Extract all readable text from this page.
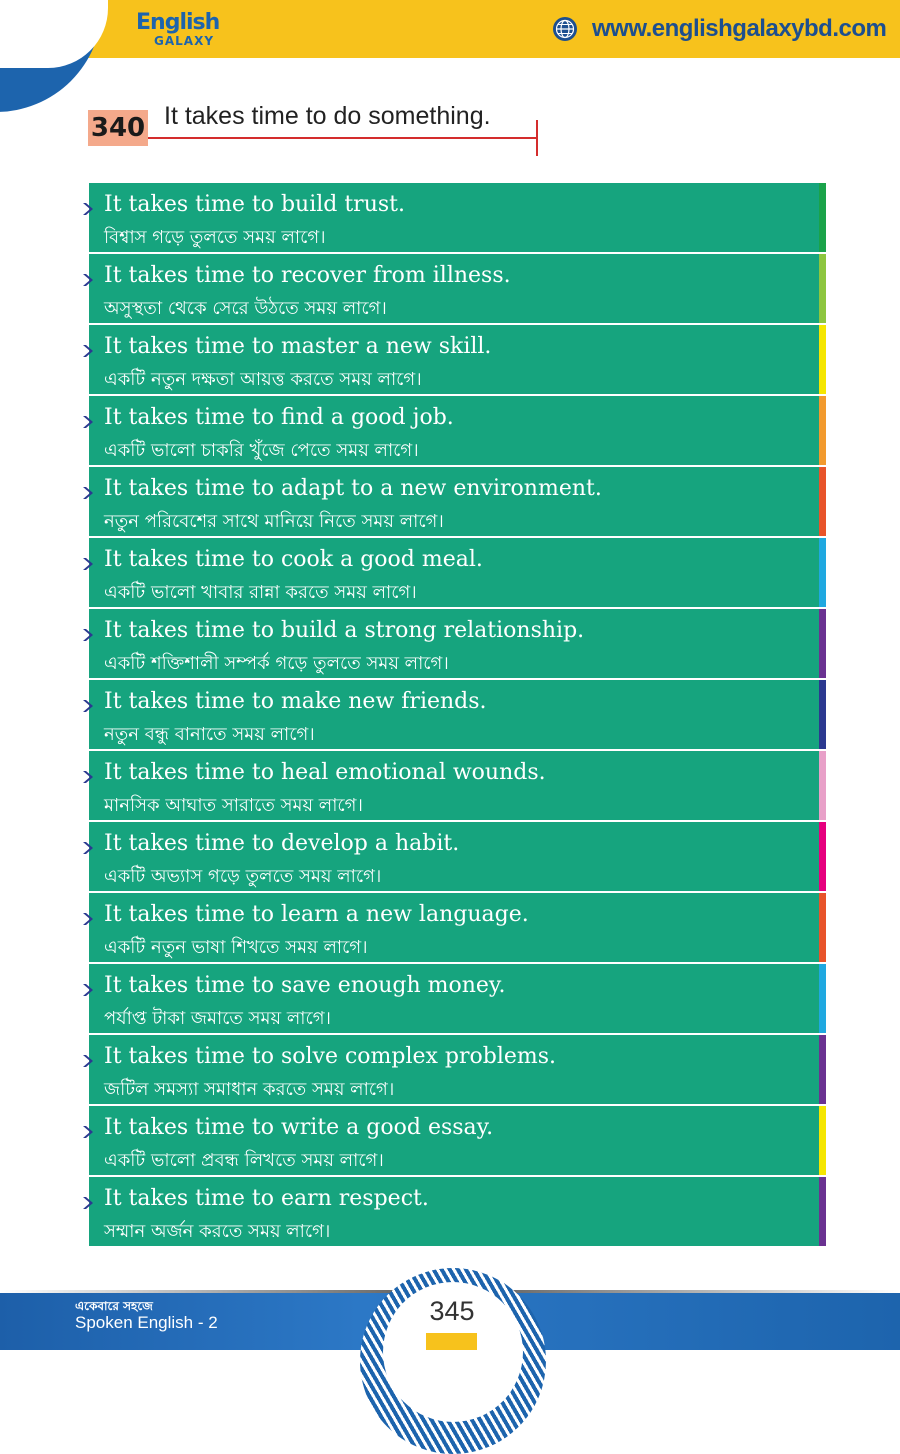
English
GALAXY	www.englishgalaxybd.com
340 It takes time to do something.
It takes time to build trust.
বিশ্বাস গড়ে তুলতে সময় লাগে।
It takes time to recover from illness.
অসুস্থতা থেকে সেরে উঠতে সময় লাগে।
It takes time to master a new skill.
একটি নতুন দক্ষতা আয়ত্ত করতে সময় লাগে।
It takes time to find a good job.
একটি ভালো চাকরি খুঁজে পেতে সময় লাগে।
It takes time to adapt to a new environment.
নতুন পরিবেশের সাথে মানিয়ে নিতে সময় লাগে।
It takes time to cook a good meal.
একটি ভালো খাবার রান্না করতে সময় লাগে।
It takes time to build a strong relationship.
একটি শক্তিশালী সম্পর্ক গড়ে তুলতে সময় লাগে।
It takes time to make new friends.
নতুন বন্ধু বানাতে সময় লাগে।
It takes time to heal emotional wounds.
মানসিক আঘাত সারাতে সময় লাগে।
It takes time to develop a habit.
একটি অভ্যাস গড়ে তুলতে সময় লাগে।
It takes time to learn a new language.
একটি নতুন ভাষা শিখতে সময় লাগে।
It takes time to save enough money.
পর্যাপ্ত টাকা জমাতে সময় লাগে।
It takes time to solve complex problems.
জটিল সমস্যা সমাধান করতে সময় লাগে।
It takes time to write a good essay.
একটি ভালো প্রবন্ধ লিখতে সময় লাগে।
It takes time to earn respect.
সম্মান অর্জন করতে সময় লাগে।
একেবারে সহজে
Spoken English - 2	345
